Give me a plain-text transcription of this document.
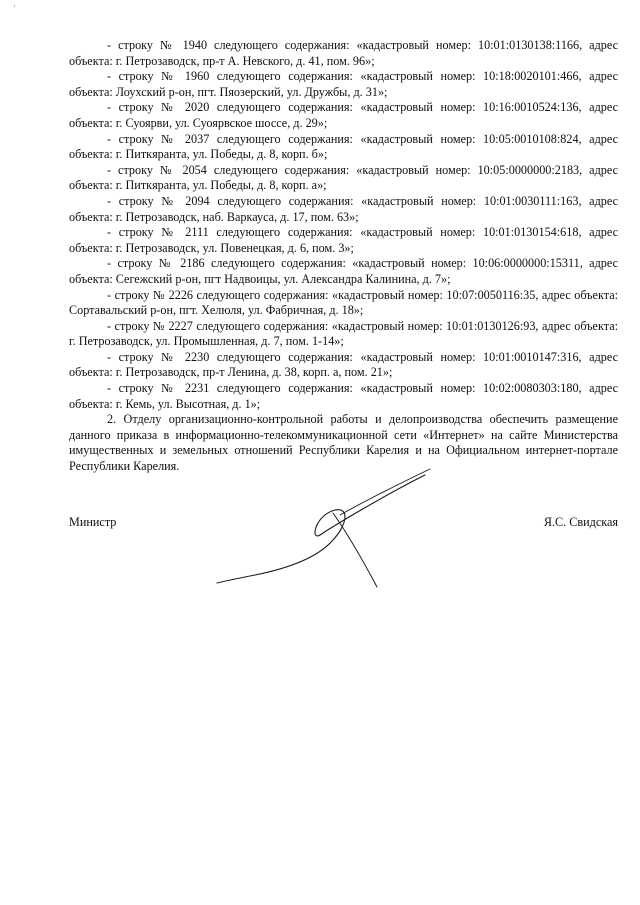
'

- строку № 1940 следующего содержания: «кадастровый номер: 10:01:0130138:1166, адрес объекта: г. Петрозаводск, пр-т А. Невского, д. 41, пом. 96»;

- строку № 1960 следующего содержания: «кадастровый номер: 10:18:0020101:466, адрес объекта: Лоухский р-он, пгт. Пяозерский, ул. Дружбы, д. 31»;

- строку № 2020 следующего содержания: «кадастровый номер: 10:16:0010524:136, адрес объекта: г. Суоярви, ул. Суоярвское шоссе, д. 29»;

- строку № 2037 следующего содержания: «кадастровый номер: 10:05:0010108:824, адрес объекта: г. Питкяранта, ул. Победы, д. 8, корп. б»;

- строку № 2054 следующего содержания: «кадастровый номер: 10:05:0000000:2183, адрес объекта: г. Питкяранта, ул. Победы, д. 8, корп. а»;

- строку № 2094 следующего содержания: «кадастровый номер: 10:01:0030111:163, адрес объекта: г. Петрозаводск, наб. Варкауса, д. 17, пом. 63»;

- строку № 2111 следующего содержания: «кадастровый номер: 10:01:0130154:618, адрес объекта: г. Петрозаводск, ул. Повенецкая, д. 6, пом. 3»;

- строку № 2186 следующего содержания: «кадастровый номер: 10:06:0000000:15311, адрес объекта: Сегежский р-он, пгт Надвоицы, ул. Александра Калинина, д. 7»;

- строку № 2226 следующего содержания: «кадастровый номер: 10:07:0050116:35, адрес объекта: Сортавальский р-он, пгт. Хелюля, ул. Фабричная, д. 18»;

- строку № 2227 следующего содержания: «кадастровый номер: 10:01:0130126:93, адрес объекта: г. Петрозаводск, ул. Промышленная, д. 7, пом. 1-14»;

- строку № 2230 следующего содержания: «кадастровый номер: 10:01:0010147:316, адрес объекта: г. Петрозаводск, пр-т Ленина, д. 38, корп. а, пом. 21»;

- строку № 2231 следующего содержания: «кадастровый номер: 10:02:0080303:180, адрес объекта: г. Кемь, ул. Высотная, д. 1»;

2. Отделу организационно-контрольной работы и делопроизводства обеспечить размещение данного приказа в информационно-телекоммуникационной сети «Интернет» на сайте Министерства имущественных и земельных отношений Республики Карелия и на Официальном интернет-портале Республики Карелия.

Министр	Я.С. Свидская
